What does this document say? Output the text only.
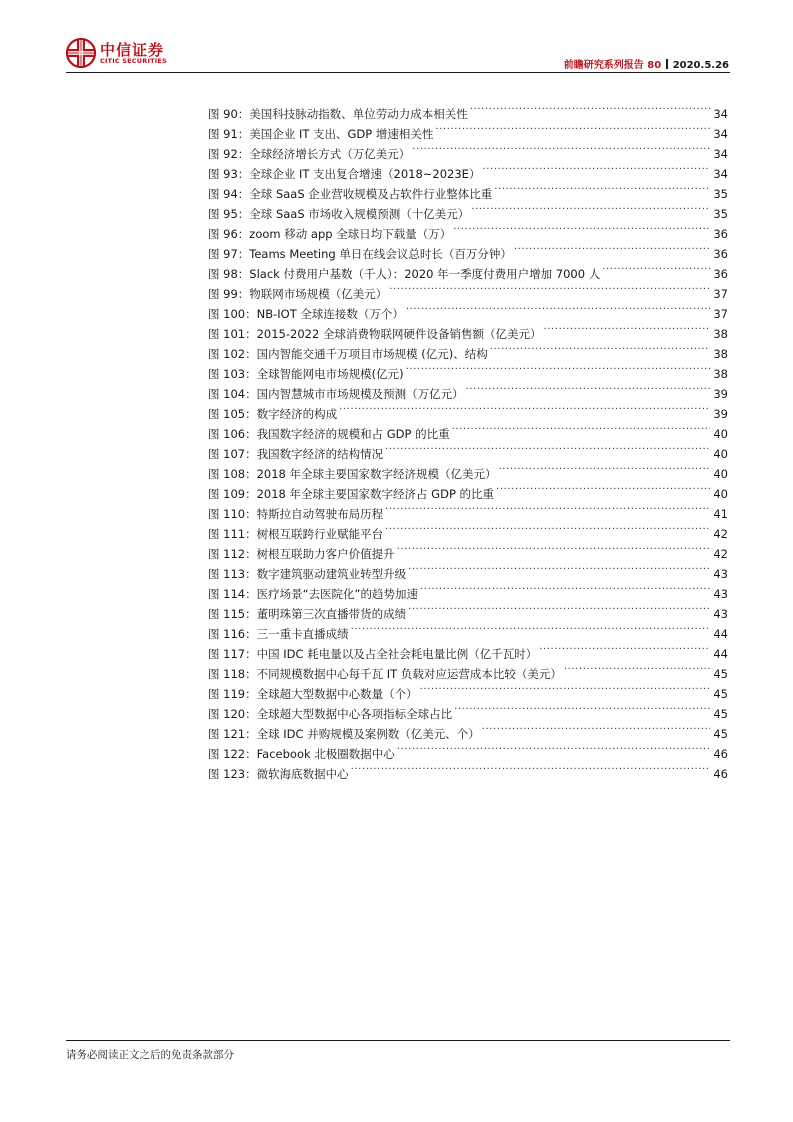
中信证券
CITIC SECURITIES	前瞻研究系列报告 80 2020.5.26
图 90：美国科技脉动指数、单位劳动力成本相关性 .....	34
图 91：美国企业 IT 支出、GDP 增速相关性 .....	34
图 92：全球经济增长方式（万亿美元） .....	34
图 93：全球企业 IT 支出复合增速（2018~2023E） .....	34
图 94：全球 SaaS 企业营收规模及占软件行业整体比重 .....	35
图 95：全球 SaaS 市场收入规模预测（十亿美元） .....	35
图 96：zoom 移动 app 全球日均下载量（万） .....	36
图 97：Teams Meeting 单日在线会议总时长（百万分钟） .....	36
图 98：Slack 付费用户基数（千人）：2020 年一季度付费用户增加 7000 人 .....	36
图 99：物联网市场规模（亿美元） .....	37
图 100：NB-IOT 全球连接数（万个） .....	37
图 101：2015-2022 全球消费物联网硬件设备销售额（亿美元） .....	38
图 102：国内智能交通千万项目市场规模 (亿元)、结构 .....	38
图 103：全球智能网电市场规模(亿元) .....	38
图 104：国内智慧城市市场规模及预测（万亿元） .....	39
图 105：数字经济的构成 .....	39
图 106：我国数字经济的规模和占 GDP 的比重 .....	40
图 107：我国数字经济的结构情况 .....	40
图 108：2018 年全球主要国家数字经济规模（亿美元） .....	40
图 109：2018 年全球主要国家数字经济占 GDP 的比重 .....	40
图 110：特斯拉自动驾驶布局历程 .....	41
图 111：树根互联跨行业赋能平台 .....	42
图 112：树根互联助力客户价值提升 .....	42
图 113：数字建筑驱动建筑业转型升级 .....	43
图 114：医疗场景“去医院化”的趋势加速 .....	43
图 115：董明珠第三次直播带货的成绩 .....	43
图 116：三一重卡直播成绩 .....	44
图 117：中国 IDC 耗电量以及占全社会耗电量比例（亿千瓦时） .....	44
图 118：不同规模数据中心每千瓦 IT 负载对应运营成本比较（美元） .....	45
图 119：全球超大型数据中心数量（个） .....	45
图 120：全球超大型数据中心各项指标全球占比 .....	45
图 121：全球 IDC 并购规模及案例数（亿美元、个） .....	45
图 122：Facebook 北极圈数据中心 .....	46
图 123：微软海底数据中心 .....	46
请务必阅读正文之后的免责条款部分
